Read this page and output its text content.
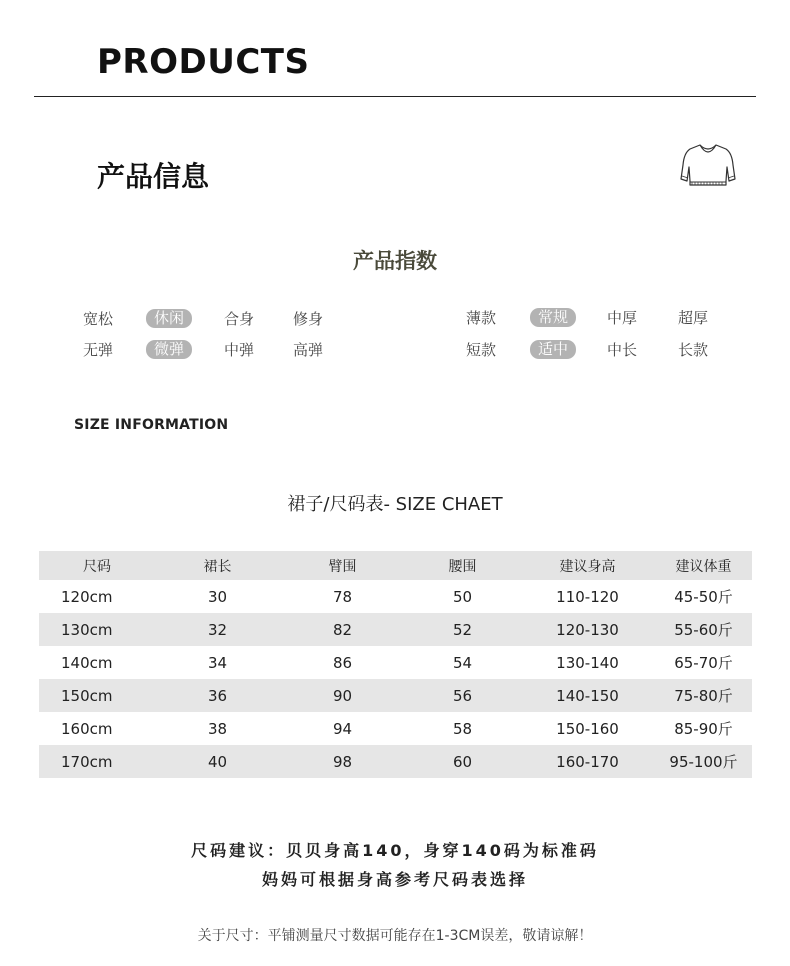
PRODUCTS
产品信息
产品指数
宽松	休闲	合身	修身
无弹	微弹	中弹	高弹
薄款	常规	中厚	超厚
短款	适中	中长	长款
SIZE INFORMATION
裙子/尺码表- SIZE CHAET
尺码	裙长	臂围	腰围	建议身高	建议体重
120cm	30	78	50	110-120	45-50斤
130cm	32	82	52	120-130	55-60斤
140cm	34	86	54	130-140	65-70斤
150cm	36	90	56	140-150	75-80斤
160cm	38	94	58	150-160	85-90斤
170cm	40	98	60	160-170	95-100斤
尺码建议：贝贝身高140，身穿140码为标准码
妈妈可根据身高参考尺码表选择
关于尺寸：平铺测量尺寸数据可能存在1-3CM误差，敬请谅解！
